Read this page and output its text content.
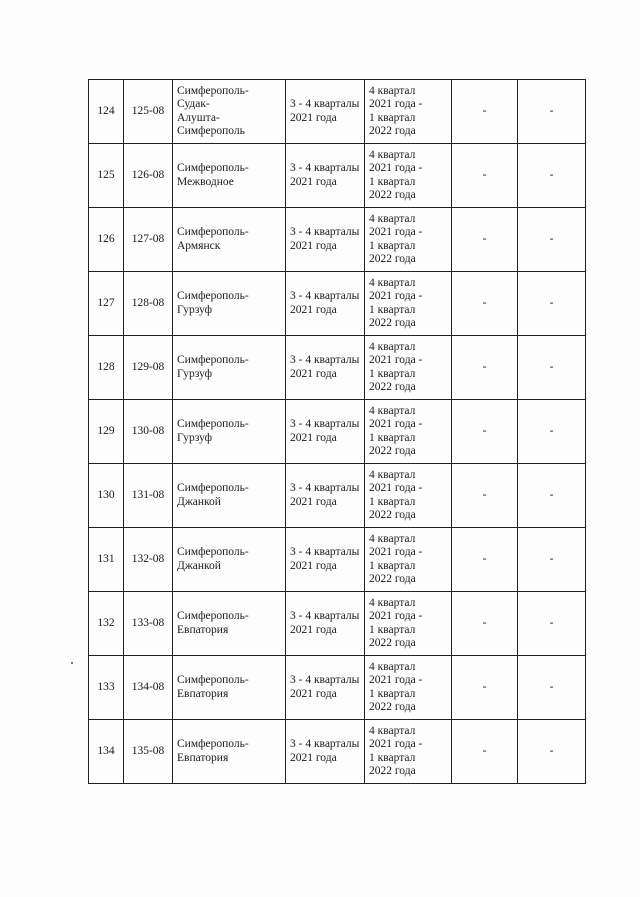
124	125-08	Симферополь-Судак-
Алушта-
Симферополь	3 - 4 кварталы 2021 года	4 квартал
2021 года -
1 квартал
2022 года	-	-
125	126-08	Симферополь-
Межводное	3 - 4 кварталы 2021 года	4 квартал
2021 года -
1 квартал
2022 года	-	-
126	127-08	Симферополь-
Армянск	3 - 4 кварталы 2021 года	4 квартал
2021 года -
1 квартал
2022 года	-	-
127	128-08	Симферополь-
Гурзуф	3 - 4 кварталы 2021 года	4 квартал
2021 года -
1 квартал
2022 года	-	-
128	129-08	Симферополь-
Гурзуф	3 - 4 кварталы 2021 года	4 квартал
2021 года -
1 квартал
2022 года	-	-
129	130-08	Симферополь-
Гурзуф	3 - 4 кварталы 2021 года	4 квартал
2021 года -
1 квартал
2022 года	-	-
130	131-08	Симферополь-
Джанкой	3 - 4 кварталы 2021 года	4 квартал
2021 года -
1 квартал
2022 года	-	-
131	132-08	Симферополь-
Джанкой	3 - 4 кварталы 2021 года	4 квартал
2021 года -
1 квартал
2022 года	-	-
132	133-08	Симферополь-
Евпатория	3 - 4 кварталы 2021 года	4 квартал
2021 года -
1 квартал
2022 года	-	-
133	134-08	Симферополь-
Евпатория	3 - 4 кварталы 2021 года	4 квартал
2021 года -
1 квартал
2022 года	-	-
134	135-08	Симферополь-
Евпатория	3 - 4 кварталы 2021 года	4 квартал
2021 года -
1 квартал
2022 года	-	-
